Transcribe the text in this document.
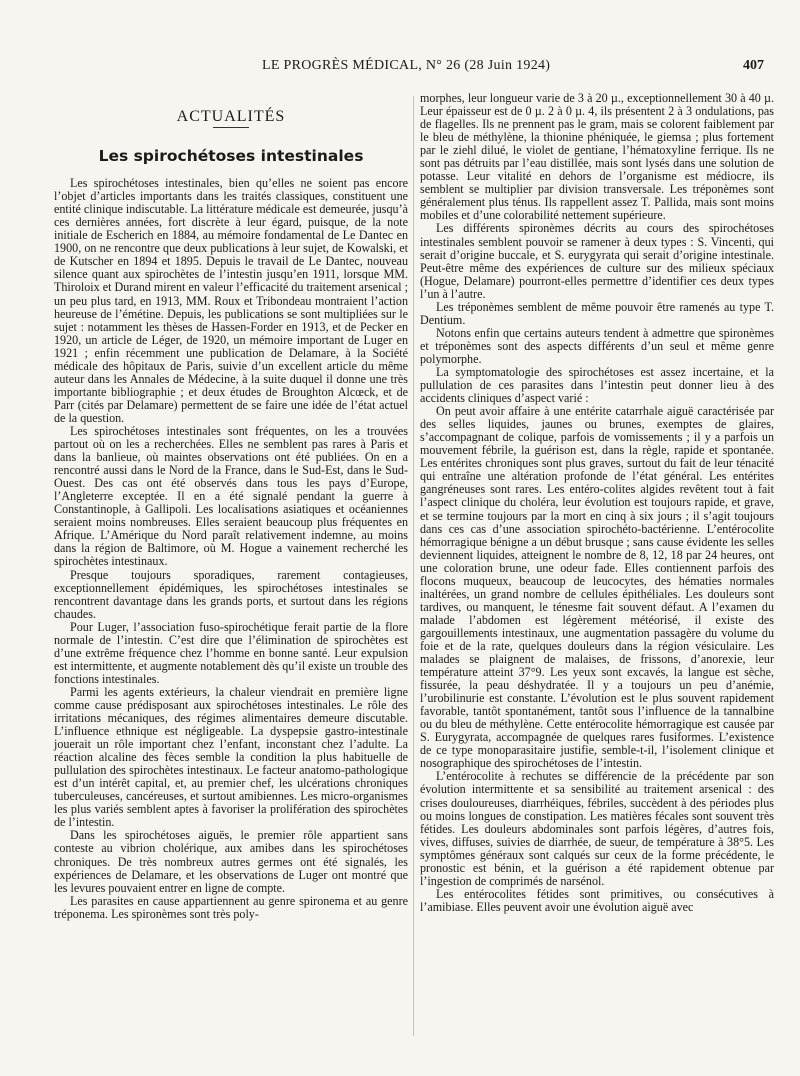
LE PROGRÈS MÉDICAL, N° 26 (28 Juin 1924)	407
ACTUALITÉS
Les spirochétoses intestinales

Les spirochétoses intestinales, bien qu’elles ne soient pas encore l’objet d’articles importants dans les traités classiques, constituent une entité clinique indiscutable. La littérature médicale est demeurée, jusqu’à ces dernières années, fort discrète à leur égard, puisque, de la note initiale de Escherich en 1884, au mémoire fondamental de Le Dantec en 1900, on ne rencontre que deux publications à leur sujet, de Kowalski, et de Kutscher en 1894 et 1895. Depuis le travail de Le Dantec, nouveau silence quant aux spirochètes de l’intestin jusqu’en 1911, lorsque MM. Thiroloix et Durand mirent en valeur l’efficacité du traitement arsenical ; un peu plus tard, en 1913, MM. Roux et Tribondeau montraient l’action heureuse de l’émétine. Depuis, les publications se sont multipliées sur le sujet : notamment les thèses de Hassen-Forder en 1913, et de Pecker en 1920, un article de Léger, de 1920, un mémoire important de Luger en 1921 ; enfin récemment une publication de Delamare, à la Société médicale des hôpitaux de Paris, suivie d’un excellent article du même auteur dans les Annales de Médecine, à la suite duquel il donne une très importante bibliographie ; et deux études de Broughton Alcœck, et de Parr (cités par Delamare) permettent de se faire une idée de l’état actuel de la question.

Les spirochétoses intestinales sont fréquentes, on les a trouvées partout où on les a recherchées. Elles ne semblent pas rares à Paris et dans la banlieue, où maintes observations ont été publiées. On en a rencontré aussi dans le Nord de la France, dans le Sud-Est, dans le Sud-Ouest. Des cas ont été observés dans tous les pays d’Europe, l’Angleterre exceptée. Il en a été signalé pendant la guerre à Constantinople, à Gallipoli. Les localisations asiatiques et océaniennes seraient moins nombreuses. Elles seraient beaucoup plus fréquentes en Afrique. L’Amérique du Nord paraît relativement indemne, au moins dans la région de Baltimore, où M. Hogue a vainement recherché les spirochètes intestinaux.

Presque toujours sporadiques, rarement contagieuses, exceptionnellement épidémiques, les spirochétoses intestinales se rencontrent davantage dans les grands ports, et surtout dans les régions chaudes.

Pour Luger, l’association fuso-spirochétique ferait partie de la flore normale de l’intestin. C’est dire que l’élimination de spirochètes est d’une extrême fréquence chez l’homme en bonne santé. Leur expulsion est intermittente, et augmente notablement dès qu’il existe un trouble des fonctions intestinales.

Parmi les agents extérieurs, la chaleur viendrait en première ligne comme cause prédisposant aux spirochétoses intestinales. Le rôle des irritations mécaniques, des régimes alimentaires demeure discutable. L’influence ethnique est négligeable. La dyspepsie gastro-intestinale jouerait un rôle important chez l’enfant, inconstant chez l’adulte. La réaction alcaline des fèces semble la condition la plus habituelle de pullulation des spirochètes intestinaux. Le facteur anatomo-pathologique est d’un intérêt capital, et, au premier chef, les ulcérations chroniques tuberculeuses, cancéreuses, et surtout amibiennes. Les micro-organismes les plus variés semblent aptes à favoriser la prolifération des spirochètes de l’intestin.

Dans les spirochétoses aiguës, le premier rôle appartient sans conteste au vibrion cholérique, aux amibes dans les spirochétoses chroniques. De très nombreux autres germes ont été signalés, les expériences de Delamare, et les observations de Luger ont montré que les levures pouvaient entrer en ligne de compte.

Les parasites en cause appartiennent au genre spironema et au genre tréponema. Les spironèmes sont très poly-

morphes, leur longueur varie de 3 à 20 µ., exceptionnellement 30 à 40 µ. Leur épaisseur est de 0 µ. 2 à 0 µ. 4, ils présentent 2 à 3 ondulations, pas de flagelles. Ils ne prennent pas le gram, mais se colorent faiblement par le bleu de méthylène, la thionine phéniquée, le giemsa ; plus fortement par le ziehl dilué, le violet de gentiane, l’hématoxyline ferrique. Ils ne sont pas détruits par l’eau distillée, mais sont lysés dans une solution de potasse. Leur vitalité en dehors de l’organisme est médiocre, ils semblent se multiplier par division transversale. Les tréponèmes sont généralement plus ténus. Ils rappellent assez T. Pallida, mais sont moins mobiles et d’une colorabilité nettement supérieure.

Les différents spironèmes décrits au cours des spirochétoses intestinales semblent pouvoir se ramener à deux types : S. Vincenti, qui serait d’origine buccale, et S. eurygyrata qui serait d’origine intestinale. Peut-être même des expériences de culture sur des milieux spéciaux (Hogue, Delamare) pourront-elles permettre d’identifier ces deux types l’un à l’autre.

Les tréponèmes semblent de même pouvoir être ramenés au type T. Dentium.

Notons enfin que certains auteurs tendent à admettre que spironèmes et tréponèmes sont des aspects différents d’un seul et même genre polymorphe.

La symptomatologie des spirochétoses est assez incertaine, et la pullulation de ces parasites dans l’intestin peut donner lieu à des accidents cliniques d’aspect varié :

On peut avoir affaire à une entérite catarrhale aiguë caractérisée par des selles liquides, jaunes ou brunes, exemptes de glaires, s’accompagnant de colique, parfois de vomissements ; il y a parfois un mouvement fébrile, la guérison est, dans la règle, rapide et spontanée. Les entérites chroniques sont plus graves, surtout du fait de leur ténacité qui entraîne une altération profonde de l’état général. Les entérites gangréneuses sont rares. Les entéro-colites algides revêtent tout à fait l’aspect clinique du choléra, leur évolution est toujours rapide, et grave, et se termine toujours par la mort en cinq à six jours ; il s’agit toujours dans ces cas d’une association spirochéto-bactérienne. L’entérocolite hémorragique bénigne a un début brusque ; sans cause évidente les selles deviennent liquides, atteignent le nombre de 8, 12, 18 par 24 heures, ont une coloration brune, une odeur fade. Elles contiennent parfois des flocons muqueux, beaucoup de leucocytes, des hématies normales inaltérées, un grand nombre de cellules épithéliales. Les douleurs sont tardives, ou manquent, le ténesme fait souvent défaut. A l’examen du malade l’abdomen est légèrement météorisé, il existe des gargouillements intestinaux, une augmentation passagère du volume du foie et de la rate, quelques douleurs dans la région vésiculaire. Les malades se plaignent de malaises, de frissons, d’anorexie, leur température atteint 37°9. Les yeux sont excavés, la langue est sèche, fissurée, la peau déshydratée. Il y a toujours un peu d’anémie, l’urobilinurie est constante. L’évolution est le plus souvent rapidement favorable, tantôt spontanément, tantôt sous l’influence de la tannalbine ou du bleu de méthylène. Cette entérocolite hémorragique est causée par S. Eurygyrata, accompagnée de quelques rares fusiformes. L’existence de ce type monoparasitaire justifie, semble-t-il, l’isolement clinique et nosographique des spirochétoses de l’intestin.

L’entérocolite à rechutes se différencie de la précédente par son évolution intermittente et sa sensibilité au traitement arsenical : des crises douloureuses, diarrhéiques, fébriles, succèdent à des périodes plus ou moins longues de constipation. Les matières fécales sont souvent très fétides. Les douleurs abdominales sont parfois légères, d’autres fois, vives, diffuses, suivies de diarrhée, de sueur, de température à 38°5. Les symptômes généraux sont calqués sur ceux de la forme précédente, le pronostic est bénin, et la guérison a été rapidement obtenue par l’ingestion de comprimés de narsénol.

Les entérocolites fétides sont primitives, ou consécutives à l’amibiase. Elles peuvent avoir une évolution aiguë avec
